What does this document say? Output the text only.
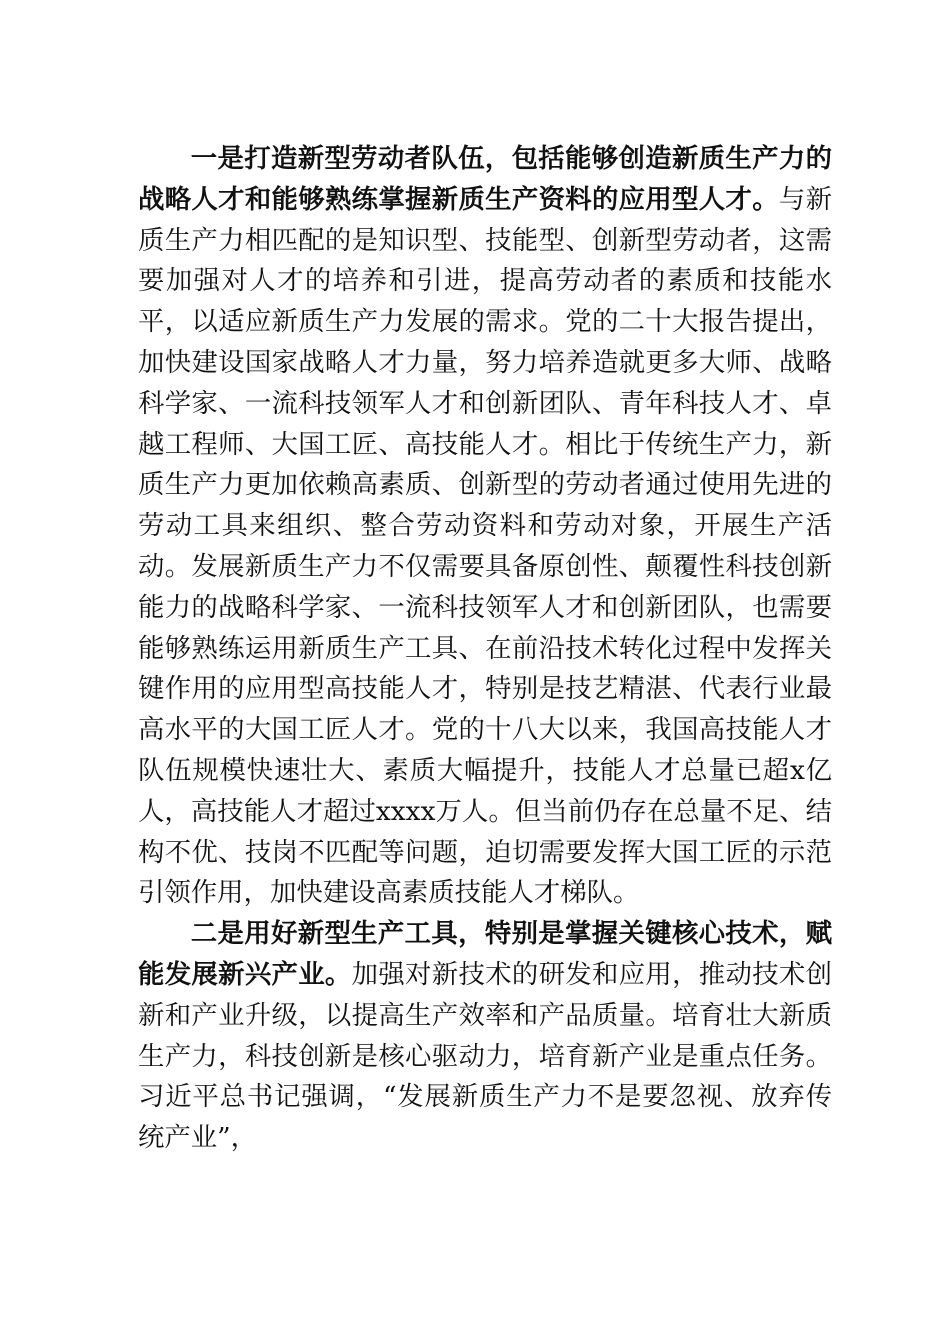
一是打造新型劳动者队伍，包括能够创造新质生产力的战略人才和能够熟练掌握新质生产资料的应用型人才。与新质生产力相匹配的是知识型、技能型、创新型劳动者，这需要加强对人才的培养和引进，提高劳动者的素质和技能水平，以适应新质生产力发展的需求。党的二十大报告提出，加快建设国家战略人才力量，努力培养造就更多大师、战略科学家、一流科技领军人才和创新团队、青年科技人才、卓越工程师、大国工匠、高技能人才。相比于传统生产力，新质生产力更加依赖高素质、创新型的劳动者通过使用先进的劳动工具来组织、整合劳动资料和劳动对象，开展生产活动。发展新质生产力不仅需要具备原创性、颠覆性科技创新能力的战略科学家、一流科技领军人才和创新团队，也需要能够熟练运用新质生产工具、在前沿技术转化过程中发挥关键作用的应用型高技能人才，特别是技艺精湛、代表行业最高水平的大国工匠人才。党的十八大以来，我国高技能人才队伍规模快速壮大、素质大幅提升，技能人才总量已超x亿人，高技能人才超过xxxx万人。但当前仍存在总量不足、结构不优、技岗不匹配等问题，迫切需要发挥大国工匠的示范引领作用，加快建设高素质技能人才梯队。

二是用好新型生产工具，特别是掌握关键核心技术，赋能发展新兴产业。加强对新技术的研发和应用，推动技术创新和产业升级，以提高生产效率和产品质量。培育壮大新质生产力，科技创新是核心驱动力，培育新产业是重点任务。习近平总书记强调，“发展新质生产力不是要忽视、放弃传统产业”，
